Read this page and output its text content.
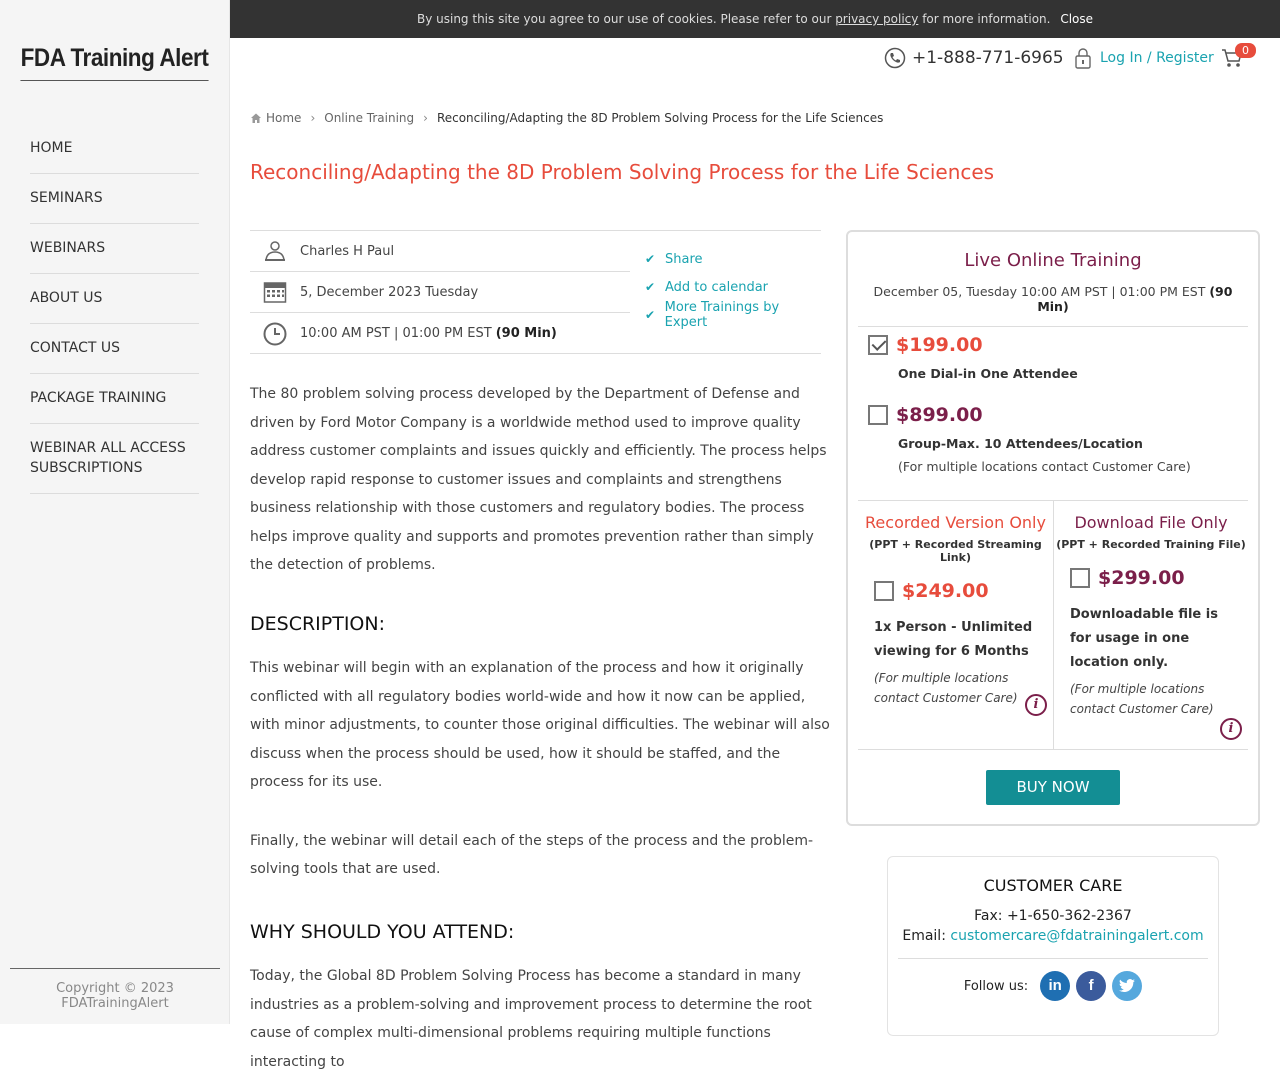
FDA Training Alert
HOME
SEMINARS
WEBINARS
ABOUT US
CONTACT US
PACKAGE TRAINING
WEBINAR ALL ACCESS SUBSCRIPTIONS
Copyright © 2023 FDATrainingAlert
By using this site you agree to our use of cookies. Please refer to our privacy policy for more information. Close
+1-888-771-6965	Log In / Register	0
Home › Online Training › Reconciling/Adapting the 8D Problem Solving Process for the Life Sciences
Reconciling/Adapting the 8D Problem Solving Process for the Life Sciences
Charles H Paul
5, December 2023 Tuesday
10:00 AM PST | 01:00 PM EST (90 Min)
✔ Share
✔ Add to calendar
✔ More Trainings by Expert

The 80 problem solving process developed by the Department of Defense and driven by Ford Motor Company is a worldwide method used to improve quality address customer complaints and issues quickly and efficiently. The process helps develop rapid response to customer issues and complaints and strengthens business relationship with those customers and regulatory bodies. The process helps improve quality and supports and promotes prevention rather than simply the detection of problems.

DESCRIPTION:

This webinar will begin with an explanation of the process and how it originally conflicted with all regulatory bodies world-wide and how it now can be applied, with minor adjustments, to counter those original difficulties. The webinar will also discuss when the process should be used, how it should be staffed, and the process for its use.

Finally, the webinar will detail each of the steps of the process and the problem-solving tools that are used.

WHY SHOULD YOU ATTEND:

Today, the Global 8D Problem Solving Process has become a standard in many industries as a problem-solving and improvement process to determine the root cause of complex multi-dimensional problems requiring multiple functions interacting to

Live Online Training
December 05, Tuesday 10:00 AM PST | 01:00 PM EST (90 Min)
$199.00
One Dial-in One Attendee
$899.00
Group-Max. 10 Attendees/Location
(For multiple locations contact Customer Care)
Recorded Version Only
(PPT + Recorded Streaming Link)
$249.00
1x Person - Unlimited viewing for 6 Months
(For multiple locations contact Customer Care)	i
Download File Only
(PPT + Recorded Training File)
$299.00
Downloadable file is for usage in one location only.
(For multiple locations contact Customer Care)
i
BUY NOW
CUSTOMER CARE
Fax: +1-650-362-2367
Email: customercare@fdatrainingalert.com
Follow us:	in	f
